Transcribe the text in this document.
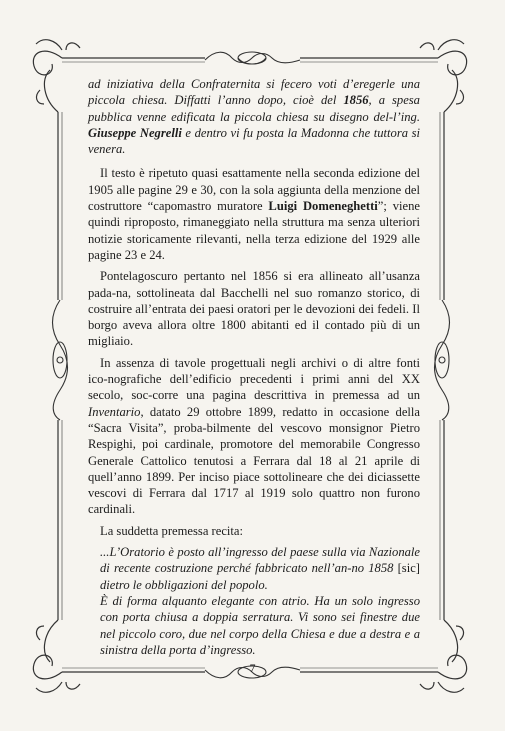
ad iniziativa della Confraternita si fecero voti d’eregerle una piccola chiesa. Diffatti l’anno dopo, cioè del 1856, a spesa pubblica venne edificata la piccola chiesa su disegno del-l’ing. Giuseppe Negrelli e dentro vi fu posta la Madonna che tuttora si venera.

Il testo è ripetuto quasi esattamente nella seconda edizione del 1905 alle pagine 29 e 30, con la sola aggiunta della menzione del costruttore “capomastro muratore Luigi Domeneghetti”; viene quindi riproposto, rimaneggiato nella struttura ma senza ulteriori notizie storicamente rilevanti, nella terza edizione del 1929 alle pagine 23 e 24.

Pontelagoscuro pertanto nel 1856 si era allineato all’usanza pada-na, sottolineata dal Bacchelli nel suo romanzo storico, di costruire all’entrata dei paesi oratori per le devozioni dei fedeli. Il borgo aveva allora oltre 1800 abitanti ed il contado più di un migliaio.

In assenza di tavole progettuali negli archivi o di altre fonti ico-nografiche dell’edificio precedenti i primi anni del XX secolo, soc-corre una pagina descrittiva in premessa ad un Inventario, datato 29 ottobre 1899, redatto in occasione della “Sacra Visita”, proba-bilmente del vescovo monsignor Pietro Respighi, poi cardinale, promotore del memorabile Congresso Generale Cattolico tenutosi a Ferrara dal 18 al 21 aprile di quell’anno 1899. Per inciso piace sottolineare che dei diciassette vescovi di Ferrara dal 1717 al 1919 solo quattro non furono cardinali.

La suddetta premessa recita:

...L’Oratorio è posto all’ingresso del paese sulla via Nazionale di recente costruzione perché fabbricato nell’an-no 1858 [sic] dietro le obbligazioni del popolo.

È di forma alquanto elegante con atrio. Ha un solo ingresso con porta chiusa a doppia serratura. Vi sono sei finestre due nel piccolo coro, due nel corpo della Chiesa e due a destra e a sinistra della porta d’ingresso.

7
